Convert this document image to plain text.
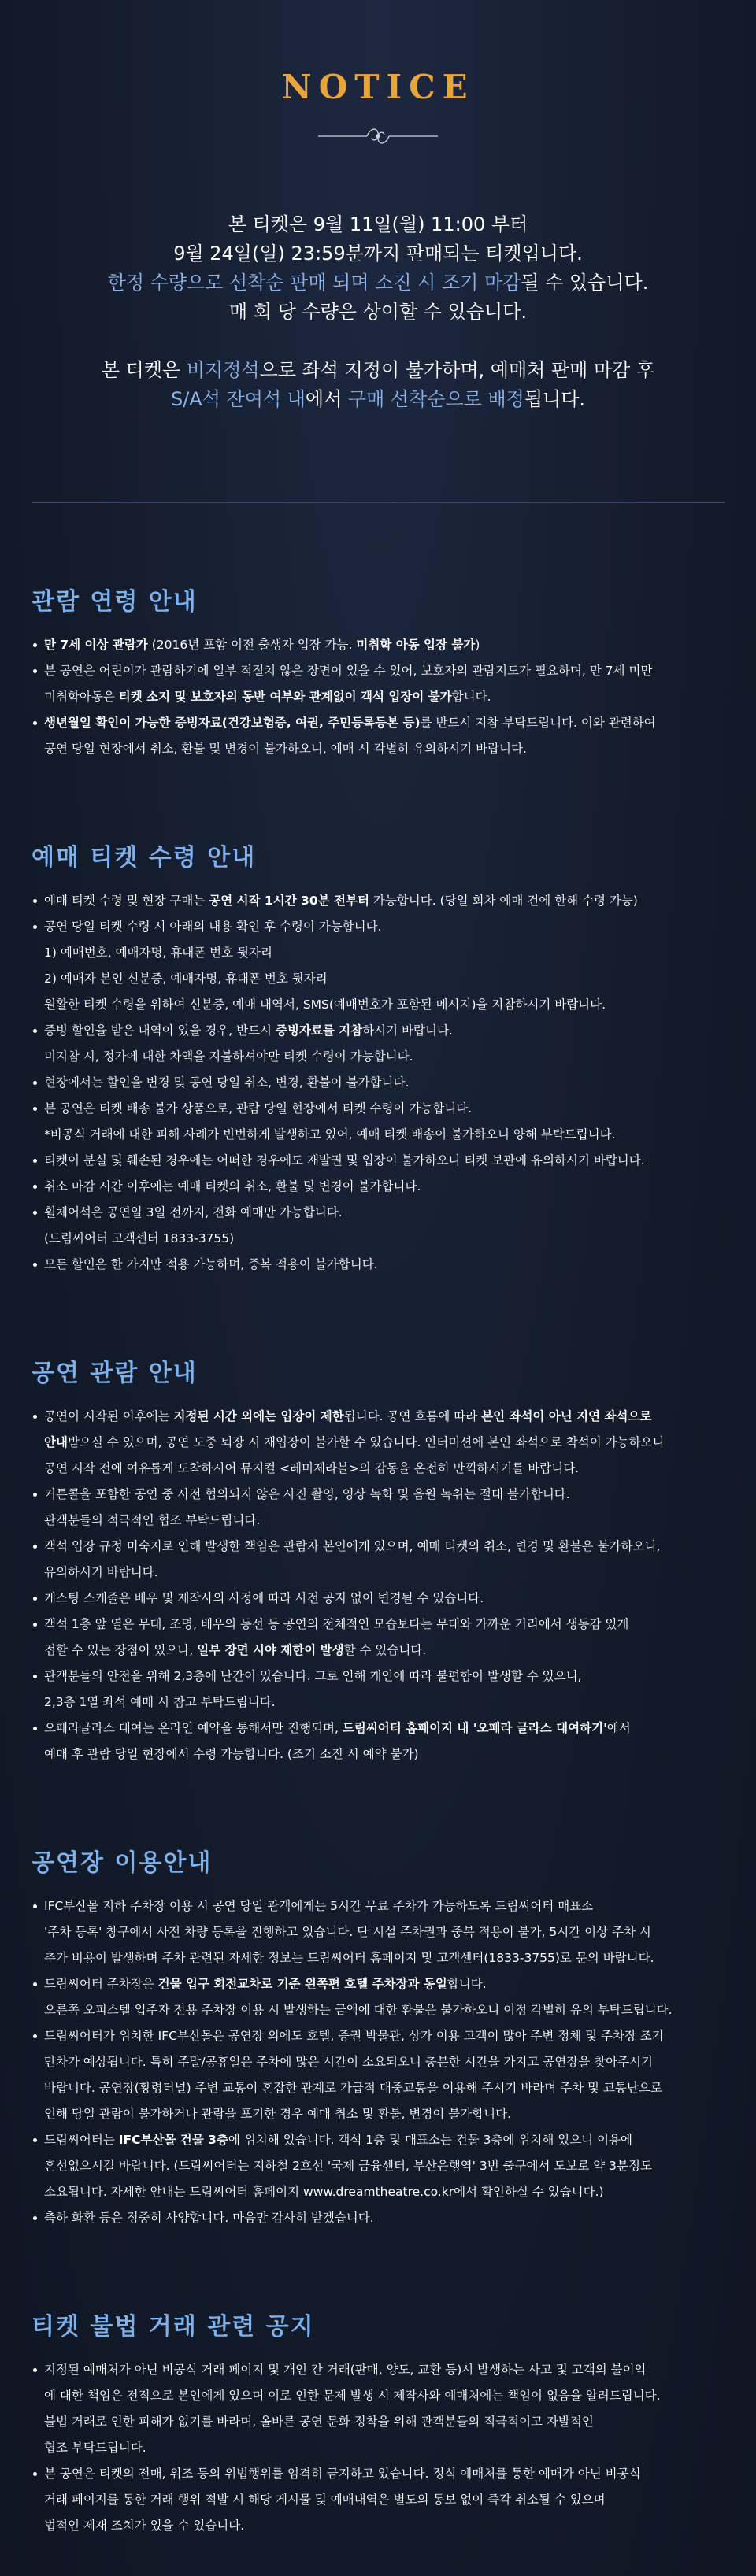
NOTICE

본 티켓은 9월 11일(월) 11:00 부터

9월 24일(일) 23:59분까지 판매되는 티켓입니다.

한정 수량으로 선착순 판매 되며 소진 시 조기 마감될 수 있습니다.

매 회 당 수량은 상이할 수 있습니다.

본 티켓은 비지정석으로 좌석 지정이 불가하며, 예매처 판매 마감 후

S/A석 잔여석 내에서 구매 선착순으로 배정됩니다.

관람 연령 안내
만 7세 이상 관람가 (2016년 포함 이전 출생자 입장 가능. 미취학 아동 입장 불가)
본 공연은 어린이가 관람하기에 일부 적절치 않은 장면이 있을 수 있어, 보호자의 관람지도가 필요하며, 만 7세 미만
미취학아동은 티켓 소지 및 보호자의 동반 여부와 관계없이 객석 입장이 불가합니다.
생년월일 확인이 가능한 증빙자료(건강보험증, 여권, 주민등록등본 등)를 반드시 지참 부탁드립니다. 이와 관련하여
공연 당일 현장에서 취소, 환불 및 변경이 불가하오니, 예매 시 각별히 유의하시기 바랍니다.
예매 티켓 수령 안내
예매 티켓 수령 및 현장 구매는 공연 시작 1시간 30분 전부터 가능합니다. (당일 회차 예매 건에 한해 수령 가능)
공연 당일 티켓 수령 시 아래의 내용 확인 후 수령이 가능합니다.
1) 예매번호, 예매자명, 휴대폰 번호 뒷자리
2) 예매자 본인 신분증, 예매자명, 휴대폰 번호 뒷자리
원활한 티켓 수령을 위하여 신분증, 예매 내역서, SMS(예매번호가 포함된 메시지)을 지참하시기 바랍니다.
증빙 할인을 받은 내역이 있을 경우, 반드시 증빙자료를 지참하시기 바랍니다.
미지참 시, 정가에 대한 차액을 지불하셔야만 티켓 수령이 가능합니다.
현장에서는 할인율 변경 및 공연 당일 취소, 변경, 환불이 불가합니다.
본 공연은 티켓 배송 불가 상품으로, 관람 당일 현장에서 티켓 수령이 가능합니다.
*비공식 거래에 대한 피해 사례가 빈번하게 발생하고 있어, 예매 티켓 배송이 불가하오니 양해 부탁드립니다.
티켓이 분실 및 훼손된 경우에는 어떠한 경우에도 재발권 및 입장이 불가하오니 티켓 보관에 유의하시기 바랍니다.
취소 마감 시간 이후에는 예매 티켓의 취소, 환불 및 변경이 불가합니다.
휠체어석은 공연일 3일 전까지, 전화 예매만 가능합니다.
(드림씨어터 고객센터 1833-3755)
모든 할인은 한 가지만 적용 가능하며, 중복 적용이 불가합니다.
공연 관람 안내
공연이 시작된 이후에는 지정된 시간 외에는 입장이 제한됩니다. 공연 흐름에 따라 본인 좌석이 아닌 지연 좌석으로
안내받으실 수 있으며, 공연 도중 퇴장 시 재입장이 불가할 수 있습니다. 인터미션에 본인 좌석으로 착석이 가능하오니
공연 시작 전에 여유롭게 도착하시어 뮤지컬 <레미제라블>의 감동을 온전히 만끽하시기를 바랍니다.
커튼콜을 포함한 공연 중 사전 협의되지 않은 사진 촬영, 영상 녹화 및 음원 녹취는 절대 불가합니다.
관객분들의 적극적인 협조 부탁드립니다.
객석 입장 규정 미숙지로 인해 발생한 책임은 관람자 본인에게 있으며, 예매 티켓의 취소, 변경 및 환불은 불가하오니,
유의하시기 바랍니다.
캐스팅 스케줄은 배우 및 제작사의 사정에 따라 사전 공지 없이 변경될 수 있습니다.
객석 1층 앞 열은 무대, 조명, 배우의 동선 등 공연의 전체적인 모습보다는 무대와 가까운 거리에서 생동감 있게
접할 수 있는 장점이 있으나, 일부 장면 시야 제한이 발생할 수 있습니다.
관객분들의 안전을 위해 2,3층에 난간이 있습니다. 그로 인해 개인에 따라 불편함이 발생할 수 있으니,
2,3층 1열 좌석 예매 시 참고 부탁드립니다.
오페라글라스 대여는 온라인 예약을 통해서만 진행되며, 드림씨어터 홈페이지 내 '오페라 글라스 대여하기'에서
예매 후 관람 당일 현장에서 수령 가능합니다. (조기 소진 시 예약 불가)
공연장 이용안내
IFC부산몰 지하 주차장 이용 시 공연 당일 관객에게는 5시간 무료 주차가 가능하도록 드림씨어터 매표소
'주차 등록' 창구에서 사전 차량 등록을 진행하고 있습니다. 단 시설 주차권과 중복 적용이 불가, 5시간 이상 주차 시
추가 비용이 발생하며 주차 관련된 자세한 정보는 드림씨어터 홈페이지 및 고객센터(1833-3755)로 문의 바랍니다.
드림씨어터 주차장은 건물 입구 회전교차로 기준 왼쪽편 호텔 주차장과 동일합니다.
오른쪽 오피스텔 입주자 전용 주차장 이용 시 발생하는 금액에 대한 환불은 불가하오니 이점 각별히 유의 부탁드립니다.
드림씨어터가 위치한 IFC부산몰은 공연장 외에도 호텔, 증권 박물관, 상가 이용 고객이 많아 주변 정체 및 주차장 조기
만차가 예상됩니다. 특히 주말/공휴일은 주차에 많은 시간이 소요되오니 충분한 시간을 가지고 공연장을 찾아주시기
바랍니다. 공연장(황령터널) 주변 교통이 혼잡한 관계로 가급적 대중교통을 이용해 주시기 바라며 주차 및 교통난으로
인해 당일 관람이 불가하거나 관람을 포기한 경우 예매 취소 및 환불, 변경이 불가합니다.
드림씨어터는 IFC부산몰 건물 3층에 위치해 있습니다. 객석 1층 및 매표소는 건물 3층에 위치해 있으니 이용에
혼선없으시길 바랍니다. (드림씨어터는 지하철 2호선 '국제 금융센터, 부산은행역' 3번 출구에서 도보로 약 3분정도
소요됩니다. 자세한 안내는 드림씨어터 홈페이지 www.dreamtheatre.co.kr에서 확인하실 수 있습니다.)
축하 화환 등은 정중히 사양합니다. 마음만 감사히 받겠습니다.
티켓 불법 거래 관련 공지
지정된 예매처가 아닌 비공식 거래 페이지 및 개인 간 거래(판매, 양도, 교환 등)시 발생하는 사고 및 고객의 불이익
에 대한 책임은 전적으로 본인에게 있으며 이로 인한 문제 발생 시 제작사와 예매처에는 책임이 없음을 알려드립니다.
불법 거래로 인한 피해가 없기를 바라며, 올바른 공연 문화 정착을 위해 관객분들의 적극적이고 자발적인
협조 부탁드립니다.
본 공연은 티켓의 전매, 위조 등의 위법행위를 엄격히 금지하고 있습니다. 정식 예매처를 통한 예매가 아닌 비공식
거래 페이지를 통한 거래 행위 적발 시 해당 게시물 및 예매내역은 별도의 통보 없이 즉각 취소될 수 있으며
법적인 제재 조치가 있을 수 있습니다.
